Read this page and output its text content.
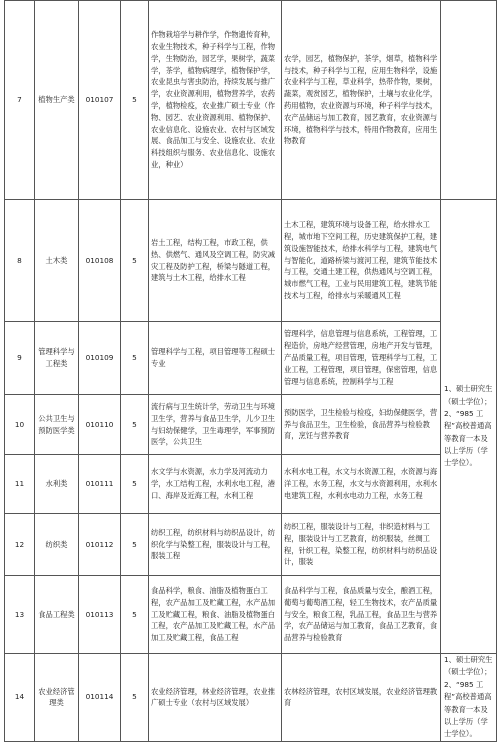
7	植物生产类	010107	5	作物栽培学与耕作学，作物遗传育种，农业生物技术，种子科学与工程，作物学，生物防治，园艺学，果树学，蔬菜学，茶学，植物病理学，植物保护学，农业昆虫与害虫防治，持续发展与推广学，农业资源利用，植物营养学，农药学，植物检疫，农业推广硕士专业（作物、园艺、农业资源利用、植物保护、农业信息化、设施农业、农村与区域发展、食品加工与安全、设施农业、农业科技组织与服务、农业信息化、设施农业，种业）	农学，园艺，植物保护，茶学，烟草，植物科学与技术，种子科学与工程，应用生物科学，设施农业科学与工程，草业科学，热带作物，果树，蔬菜，观赏园艺，植物保护，土壤与农业化学，药用植物，农业资源与环境，种子科学与技术，农产品储运与加工教育，园艺教育，农业资源与环境，植物科学与技术，特用作物教育，应用生物教育	
8	土木类	010108	5	岩土工程，结构工程，市政工程，供热、供燃气、通风及空调工程，防灾减灾工程及防护工程，桥梁与隧道工程，建筑与土木工程，给排水工程	土木工程，建筑环境与设备工程，给水排水工程，城市地下空间工程，历史建筑保护工程，建筑设施智能技术，给排水科学与工程，建筑电气与智能化，道路桥梁与渡河工程，建筑节能技术与工程，交通土建工程，供热通风与空调工程，城市燃气工程，工业与民用建筑工程，建筑节能技术与工程，给排水与采暖通风工程	1、硕士研究生（硕士学位）；2、“985 工程”高校普通高等教育一本及以上学历（学士学位）。
9	管理科学与工程类	010109	5	管理科学与工程，项目管理等工程硕士专业	管理科学，信息管理与信息系统，工程管理，工程造价，房地产经营管理，房地产开发与管理，产品质量工程，项目管理，管理科学与工程，工业工程，工程管理，项目管理，保密管理，信息管理与信息系统，控制科学与工程	
10	公共卫生与预防医学类	010110	5	流行病与卫生统计学，劳动卫生与环境卫生学，营养与食品卫生学，儿少卫生与妇幼保健学，卫生毒理学，军事预防医学，公共卫生	预防医学，卫生检验与检疫，妇幼保健医学，营养与食品卫生，卫生检验，食品营养与检验教育，烹饪与营养教育	
11	水利类	010111	5	水文学与水资源，水力学及河流动力学，水工结构工程，水利水电工程，港口、海岸及近海工程，水利工程	水利水电工程，水文与水资源工程，水资源与海洋工程，水务工程，水文与水资源利用，水利水电建筑工程，水利水电动力工程，水务工程	
12	纺织类	010112	5	纺织工程，纺织材料与纺织品设计，纺织化学与染整工程，服装设计与工程，服装工程	纺织工程，服装设计与工程，非织造材料与工程，服装设计与工艺教育，纺织服装，丝绸工程，针织工程，染整工程，纺织材料与纺织品设计，服装	
13	食品工程类	010113	5	食品科学，粮食、油脂及植物蛋白工程，农产品加工及贮藏工程，水产品加工及贮藏工程，粮食、油脂及植物蛋白工程，农产品加工及贮藏工程，水产品加工及贮藏工程，食品工程	食品科学与工程，食品质量与安全，酿酒工程，葡萄与葡萄酒工程，轻工生物技术，农产品质量与安全，粮食工程，乳品工程，食品卫生与营养学，农产品储运与加工教育，食品工艺教育，食品营养与检验教育	
14	农业经济管理类	010114	5	农业经济管理，林业经济管理，农业推广硕士专业（农村与区域发展）	农林经济管理，农村区域发展，农业经济管理教育	1、硕士研究生（硕士学位）；2、“985 工程”高校普通高等教育一本及以上学历（学士学位）。
